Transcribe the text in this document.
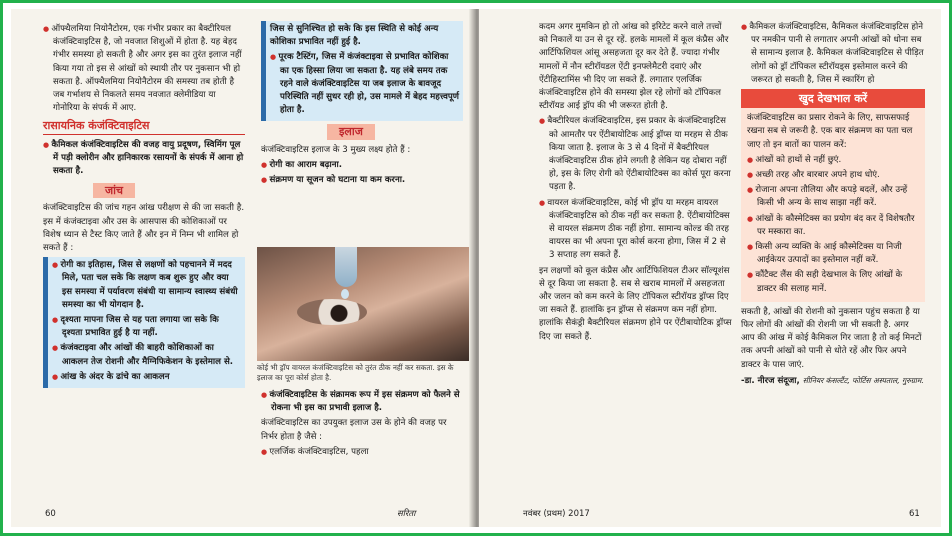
● ऑफ्थैलमिया नियोनैटोरम, एक गंभीर प्रकार का बैक्टीरियल कंजंक्टिवाइटिस है, जो नवजात शिशुओं में होता है. यह बेहद गंभीर समस्या हो सकती है और अगर इस का तुरंत इलाज नहीं किया गया तो इस से आंखों को स्थायी तौर पर नुकसान भी हो सकता है. ऑफ्थैलमिया नियोनैटोरम की समस्या तब होती है जब गर्भाशय से निकलते समय नवजात क्लेमीडिया या गोनोरिया के संपर्क में आए.

रासायनिक कंजंक्टिवाइटिस

● कैमिकल कंजंक्टिवाइटिस की वजह वायु प्रदूषण, स्विमिंग पूल में पड़ी क्लोरीन और हानिकारक रसायनों के संपर्क में आना हो सकता है.

जांच

कंजंक्टिवाइटिस की जांच गहन आंख परीक्षण से की जा सकती है. इस में कंजंक्टाइवा और उस के आसपास की कोशिकाओं पर विशेष ध्यान से टैस्ट किए जाते हैं और इन में निम्न भी शामिल हो सकते हैं :

● रोगी का इतिहास, जिस से लक्षणों को पहचानने में मदद मिले, पता चल सके कि लक्षण कब शुरू हुए और क्या इस समस्या में पर्यावरण संबंधी या सामान्य स्वास्थ्य संबंधी समस्या का भी योगदान है.

● दृश्यता मापना जिस से यह पता लगाया जा सके कि दृश्यता प्रभावित हुई है या नहीं.

● कंजंक्टाइवा और आंखों की बाहरी कोशिकाओं का आकलन तेज रोशनी और मैग्निफिकेशन के इस्तेमाल से.

● आंख के अंदर के ढांचे का आकलन

जिस से सुनिश्चित हो सके कि इस स्थिति से कोई अन्य कोशिका प्रभावित नहीं हुई है.

● पूरक टैस्टिंग, जिस में कंजंक्टाइवा से प्रभावित कोशिका का एक हिस्सा लिया जा सकता है. यह लंबे समय तक रहने वाले कंजंक्टिवाइटिस या जब इलाज के बावजूद परिस्थिति नहीं सुधर रही हो, उस मामले में बेहद महत्त्वपूर्ण होता है.

इलाज

कंजंक्टिवाइटिस इलाज के 3 मुख्य लक्ष्य होते हैं :

● रोगी का आराम बढ़ाना.

● संक्रमण या सूजन को घटाना या कम करना.

कोई भी ड्रॉप वायरल कंजंक्टिवाइटिस को तुरंत ठीक नहीं कर सकता. इस के इलाज का पूरा कोर्स होता है.

● कंजंक्टिवाइटिस के संक्रामक रूप में इस संक्रमण को फैलने से रोकना भी इस का प्रभावी इलाज है.

कंजंक्टिवाइटिस का उपयुक्त इलाज उस के होने की वजह पर निर्भर होता है जैसे :

● एलर्जिक कंजंक्टिवाइटिस, पहला

60	सरिता

कदम अगर मुमकिन हो तो आंख को इरिटेट करने वाले तत्त्वों को निकालें या उन से दूर रहें. हलके मामलों में कूल कंप्रैस और आर्टिफिशियल आंसू असहजता दूर कर देते हैं. ज्यादा गंभीर मामलों में नौन स्टीरॉयडल ऐंटी इनफ्लेमैटरी दवाएं और ऐंटीहिस्टामिंस भी दिए जा सकते हैं. लगातार एलर्जिक कंजंक्टिवाइटिस होने की समस्या झेल रहे लोगों को टॉपिकल स्टीरॉयड आई ड्रॉप की भी जरूरत होती है.

● बैक्टीरियल कंजंक्टिवाइटिस, इस प्रकार के कंजंक्टिवाइटिस को आमतौर पर ऐंटीबायोटिक आई ड्रॉप्स या मरहम से ठीक किया जाता है. इलाज के 3 से 4 दिनों में बैक्टीरियल कंजंक्टिवाइटिस ठीक होने लगती है लेकिन यह दोबारा नहीं हो, इस के लिए रोगी को ऐंटीबायोटिक्स का कोर्स पूरा करना पड़ता है.

● वायरल कंजंक्टिवाइटिस, कोई भी ड्रॉप या मरहम वायरल कंजंक्टिवाइटिस को ठीक नहीं कर सकता है. ऐंटीबायोटिक्स से वायरल संक्रमण ठीक नहीं होगा. सामान्य कोल्ड की तरह वायरस का भी अपना पूरा कोर्स करना होगा, जिस में 2 से 3 सप्ताह लग सकते हैं.

इन लक्षणों को कूल कंप्रैस और आर्टिफिशियल टीअर सॉल्यूशंस से दूर किया जा सकता है. सब से खराब मामलों में असहजता और जलन को कम करने के लिए टॉपिकल स्टीरॉयड ड्रॉप्स दिए जा सकते हैं. हालांकि इन ड्रॉप्स से संक्रमण कम नहीं होगा. हालांकि सैकंड्री बैक्टीरियल संक्रमण होने पर ऐंटीबायोटिक ड्रॉप्स दिए जा सकते हैं.

● कैमिकल कंजंक्टिवाइटिस, कैमिकल कंजंक्टिवाइटिस होने पर नमकीन पानी से लगातार अपनी आंखों को धोना सब से सामान्य इलाज है. कैमिकल कंजंक्टिवाइटिस से पीड़ित लोगों को ड्रॉ टॉपिकल स्टीरॉयड्स इस्तेमाल करने की जरूरत हो सकती है, जिस में स्कारिंग हो

खुद देखभाल करें

कंजंक्टिवाइटिस का प्रसार रोकने के लिए, साफसफाई रखना सब से जरूरी है. एक बार संक्रमण का पता चल जाए तो इन बातों का पालन करें:

● आंखों को हाथों से नहीं छुएं.

● अच्छी तरह और बारबार अपने हाथ धोएं.

● रोजाना अपना तौलिया और कपड़े बदलें, और उन्हें किसी भी अन्य के साथ साझा नहीं करें.

● आंखों के कौस्मेटिक्स का प्रयोग बंद कर दें विशेषतौर पर मस्कारा का.

● किसी अन्य व्यक्ति के आई कौस्मेटिक्स या निजी आईकेयर उत्पादों का इस्तेमाल नहीं करें.

● कौंटैक्ट लैंस की सही देखभाल के लिए आंखों के डाक्टर की सलाह मानें.

सकती है, आंखों की रोशनी को नुकसान पहुंच सकता है या फिर लोगों की आंखों की रोशनी जा भी सकती है. अगर आप की आंख में कोई कैमिकल गिर जाता है तो कई मिनटों तक अपनी आंखों को पानी से धोते रहें और फिर अपने डाक्टर के पास जाएं.

-डा. नीरज संदूजा, सीनियर कंसल्टैंट, फोर्टिस अस्पताल, गुरुग्राम.

नवंबर (प्रथम) 2017	61
